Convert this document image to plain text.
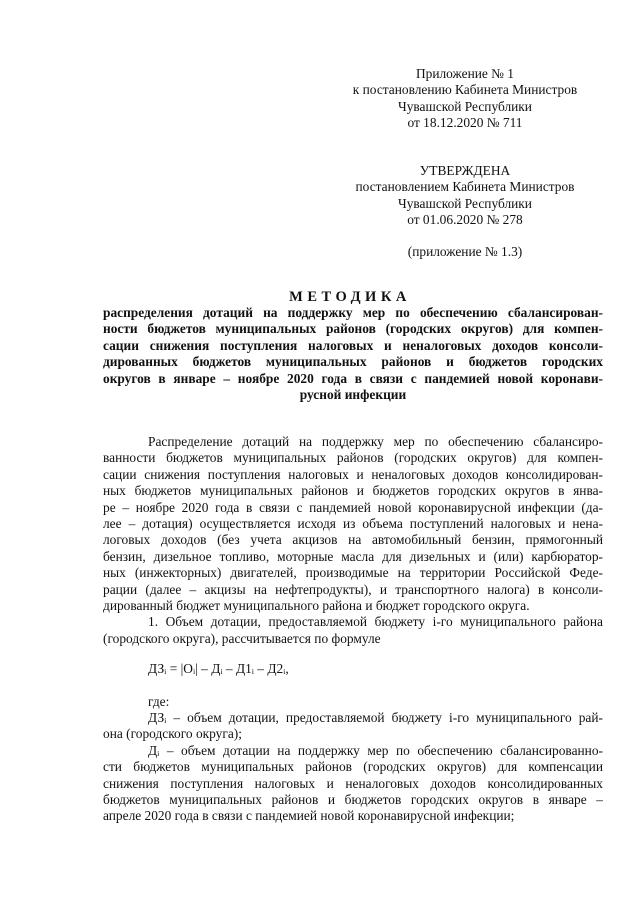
Приложение № 1
к постановлению Кабинета Министров
Чувашской Республики
от 18.12.2020 № 711
УТВЕРЖДЕНА
постановлением Кабинета Министров
Чувашской Республики
от 01.06.2020 № 278
(приложение № 1.3)
МЕТОДИКА
распределения дотаций на поддержку мер по обеспечению сбалансирован-
ности бюджетов муниципальных районов (городских округов) для компен-
сации снижения поступления налоговых и неналоговых доходов консоли-
дированных бюджетов муниципальных районов и бюджетов городских
округов в январе – ноябре 2020 года в связи с пандемией новой коронави-
русной инфекции
Распределение дотаций на поддержку мер по обеспечению сбалансиро-
ванности бюджетов муниципальных районов (городских округов) для компен-
сации снижения поступления налоговых и неналоговых доходов консолидирован-
ных бюджетов муниципальных районов и бюджетов городских округов в янва-
ре – ноябре 2020 года в связи с пандемией новой коронавирусной инфекции (да-
лее – дотация) осуществляется исходя из объема поступлений налоговых и нена-
логовых доходов (без учета акцизов на автомобильный бензин, прямогонный
бензин, дизельное топливо, моторные масла для дизельных и (или) карбюратор-
ных (инжекторных) двигателей, производимые на территории Российской Феде-
рации (далее – акцизы на нефтепродукты), и транспортного налога) в консоли-
дированный бюджет муниципального района и бюджет городского округа.
1. Объем дотации, предоставляемой бюджету i-го муниципального района
(городского округа), рассчитывается по формуле
ДЗᵢ = |Оᵢ| – Дᵢ – Д1ᵢ – Д2ᵢ,
где:
ДЗᵢ – объем дотации, предоставляемой бюджету i-го муниципального рай-
она (городского округа);
Дᵢ – объем дотации на поддержку мер по обеспечению сбалансированно-
сти бюджетов муниципальных районов (городских округов) для компенсации
снижения поступления налоговых и неналоговых доходов консолидированных
бюджетов муниципальных районов и бюджетов городских округов в январе –
апреле 2020 года в связи с пандемией новой коронавирусной инфекции;
